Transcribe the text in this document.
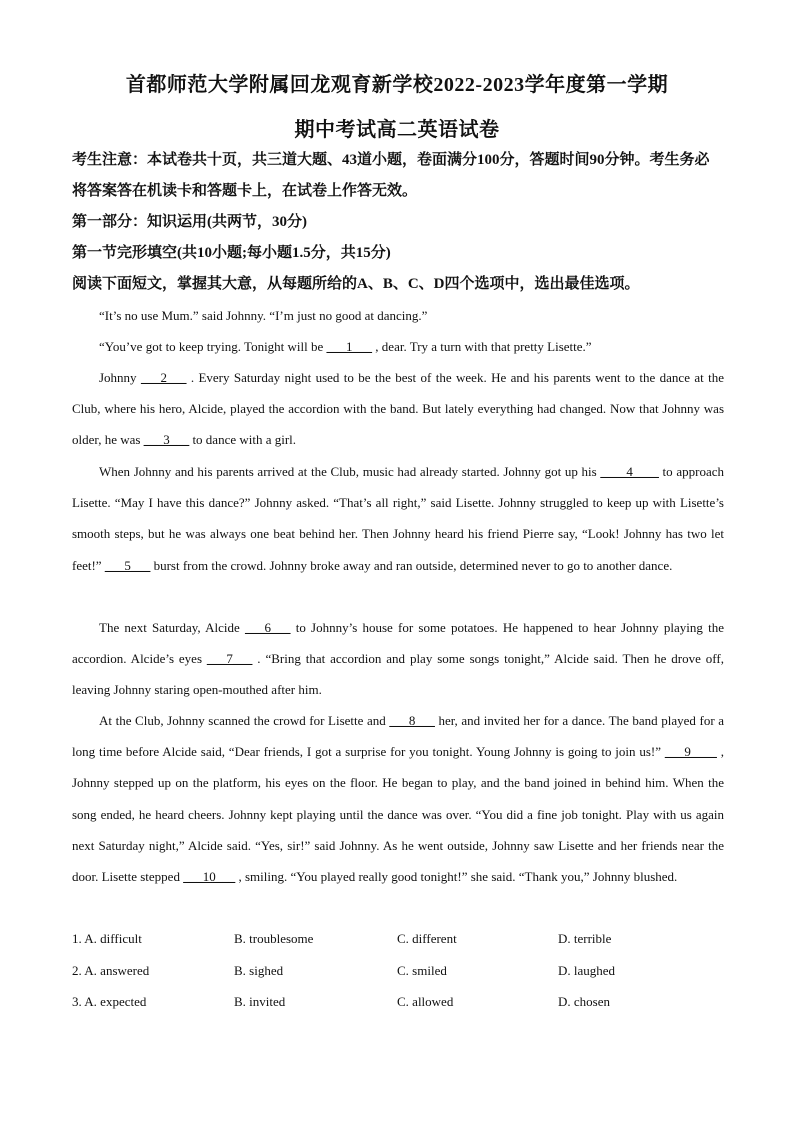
首都师范大学附属回龙观育新学校2022-2023学年度第一学期
期中考试高二英语试卷
考生注意：本试卷共十页，共三道大题、43道小题，卷面满分100分，答题时间90分钟。考生务必将答案答在机读卡和答题卡上，在试卷上作答无效。
第一部分：知识运用(共两节，30分)
第一节完形填空(共10小题;每小题1.5分，共15分)
阅读下面短文，掌握其大意，从每题所给的A、B、C、D四个选项中，选出最佳选项。
“It’s no use Mum.” said Johnny. “I’m just no good at dancing.”
“You’ve got to keep trying. Tonight will be ___1___ , dear. Try a turn with that pretty Lisette.”
Johnny ___2___ . Every Saturday night used to be the best of the week. He and his parents went to the dance at the Club, where his hero, Alcide, played the accordion with the band. But lately everything had changed. Now that Johnny was older, he was ___3___ to dance with a girl.
When Johnny and his parents arrived at the Club, music had already started. Johnny got up his ____4____ to approach Lisette. “May I have this dance?” Johnny asked. “That’s all right,” said Lisette. Johnny struggled to keep up with Lisette’s smooth steps, but he was always one beat behind her. Then Johnny heard his friend Pierre say, “Look! Johnny has two let feet!” ___5___ burst from the crowd. Johnny broke away and ran outside, determined never to go to another dance.
The next Saturday, Alcide ___6___ to Johnny’s house for some potatoes. He happened to hear Johnny playing the accordion. Alcide’s eyes ___7___ . “Bring that accordion and play some songs tonight,” Alcide said. Then he drove off, leaving Johnny staring open-mouthed after him.
At the Club, Johnny scanned the crowd for Lisette and ___8___ her, and invited her for a dance. The band played for a long time before Alcide said, “Dear friends, I got a surprise for you tonight. Young Johnny is going to join us!” ___9____ , Johnny stepped up on the platform, his eyes on the floor. He began to play, and the band joined in behind him. When the song ended, he heard cheers. Johnny kept playing until the dance was over. “You did a fine job tonight. Play with us again next Saturday night,” Alcide said. “Yes, sir!” said Johnny. As he went outside, Johnny saw Lisette and her friends near the door. Lisette stepped ___10___ , smiling. “You played really good tonight!” she said. “Thank you,” Johnny blushed.
1. A. difficult	B. troublesome	C. different	D. terrible
2. A. answered	B. sighed	C. smiled	D. laughed
3. A. expected	B. invited	C. allowed	D. chosen
